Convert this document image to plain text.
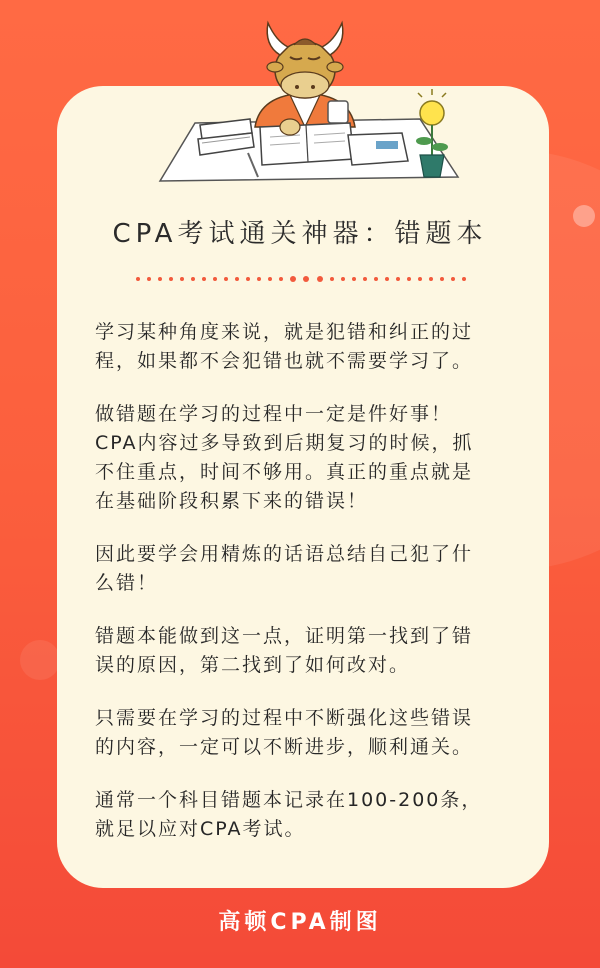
CPA考试通关神器：错题本

学习某种角度来说，就是犯错和纠正的过
程，如果都不会犯错也就不需要学习了。

做错题在学习的过程中一定是件好事！
CPA内容过多导致到后期复习的时候，抓
不住重点，时间不够用。真正的重点就是
在基础阶段积累下来的错误！

因此要学会用精炼的话语总结自己犯了什
么错！

错题本能做到这一点，证明第一找到了错
误的原因，第二找到了如何改对。

只需要在学习的过程中不断强化这些错误
的内容，一定可以不断进步，顺利通关。

通常一个科目错题本记录在100-200条，
就足以应对CPA考试。

高顿CPA制图
